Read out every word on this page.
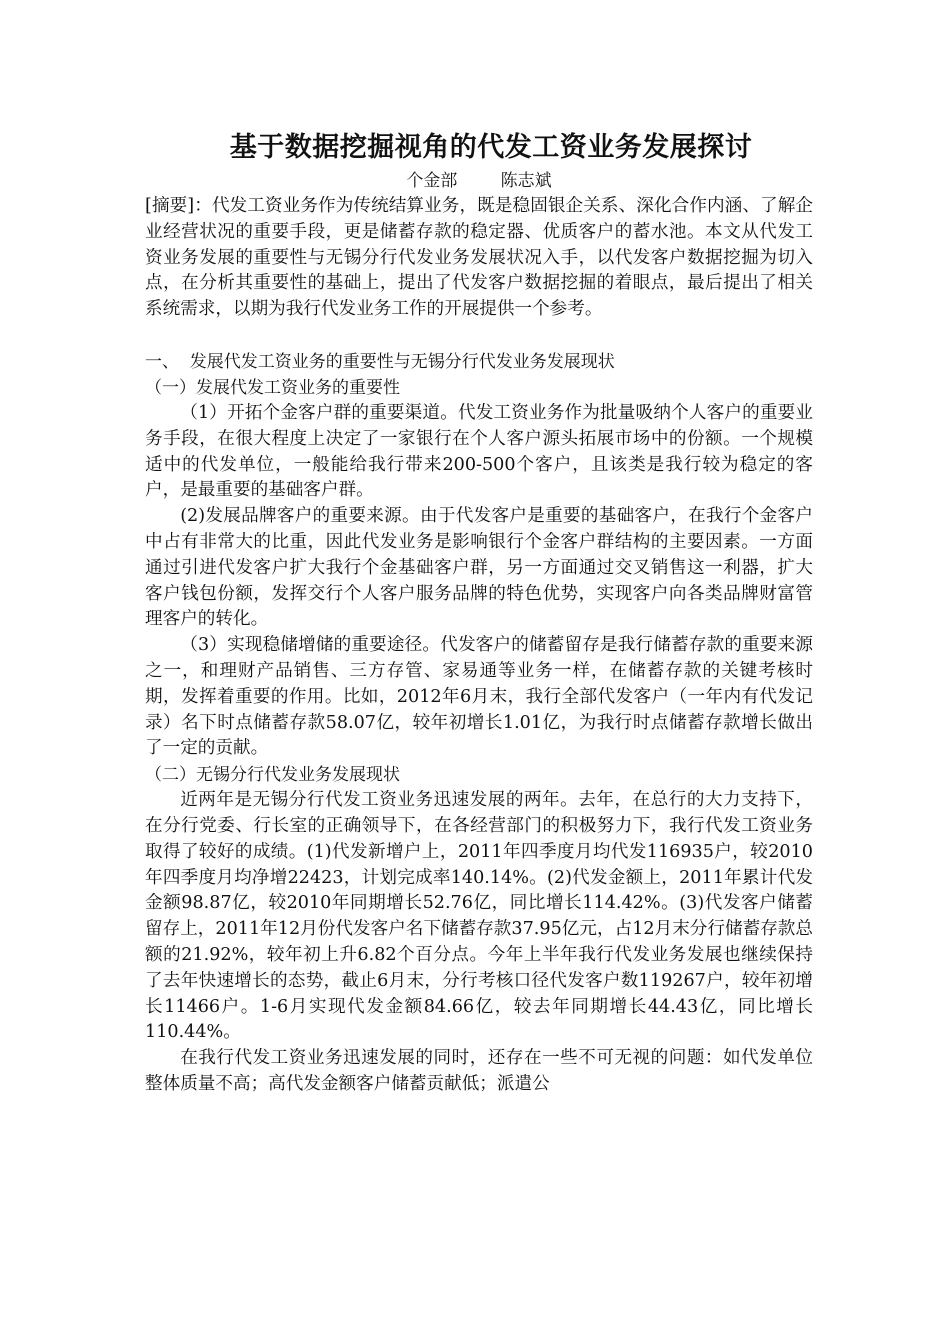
基于数据挖掘视角的代发工资业务发展探讨

个金部        陈志斌

[摘要]：代发工资业务作为传统结算业务，既是稳固银企关系、深化合作内涵、了解企业经营状况的重要手段，更是储蓄存款的稳定器、优质客户的蓄水池。本文从代发工资业务发展的重要性与无锡分行代发业务发展状况入手，以代发客户数据挖掘为切入点，在分析其重要性的基础上，提出了代发客户数据挖掘的着眼点，最后提出了相关系统需求，以期为我行代发业务工作的开展提供一个参考。

一、  发展代发工资业务的重要性与无锡分行代发业务发展现状

（一）发展代发工资业务的重要性

（1）开拓个金客户群的重要渠道。代发工资业务作为批量吸纳个人客户的重要业务手段，在很大程度上决定了一家银行在个人客户源头拓展市场中的份额。一个规模适中的代发单位，一般能给我行带来200-500个客户，且该类是我行较为稳定的客户，是最重要的基础客户群。

(2)发展品牌客户的重要来源。由于代发客户是重要的基础客户，在我行个金客户中占有非常大的比重，因此代发业务是影响银行个金客户群结构的主要因素。一方面通过引进代发客户扩大我行个金基础客户群，另一方面通过交叉销售这一利器，扩大客户钱包份额，发挥交行个人客户服务品牌的特色优势，实现客户向各类品牌财富管理客户的转化。

（3）实现稳储增储的重要途径。代发客户的储蓄留存是我行储蓄存款的重要来源之一，和理财产品销售、三方存管、家易通等业务一样，在储蓄存款的关键考核时期，发挥着重要的作用。比如，2012年6月末，我行全部代发客户（一年内有代发记录）名下时点储蓄存款58.07亿，较年初增长1.01亿，为我行时点储蓄存款增长做出了一定的贡献。

（二）无锡分行代发业务发展现状

近两年是无锡分行代发工资业务迅速发展的两年。去年，在总行的大力支持下，在分行党委、行长室的正确领导下，在各经营部门的积极努力下，我行代发工资业务取得了较好的成绩。(1)代发新增户上，2011年四季度月均代发116935户，较2010年四季度月均净增22423，计划完成率140.14%。(2)代发金额上，2011年累计代发金额98.87亿，较2010年同期增长52.76亿，同比增长114.42%。(3)代发客户储蓄留存上，2011年12月份代发客户名下储蓄存款37.95亿元，占12月末分行储蓄存款总额的21.92%，较年初上升6.82个百分点。今年上半年我行代发业务发展也继续保持了去年快速增长的态势，截止6月末，分行考核口径代发客户数119267户，较年初增长11466户。1-6月实现代发金额84.66亿，较去年同期增长44.43亿，同比增长110.44%。

在我行代发工资业务迅速发展的同时，还存在一些不可无视的问题：如代发单位整体质量不高；高代发金额客户储蓄贡献低；派遣公
